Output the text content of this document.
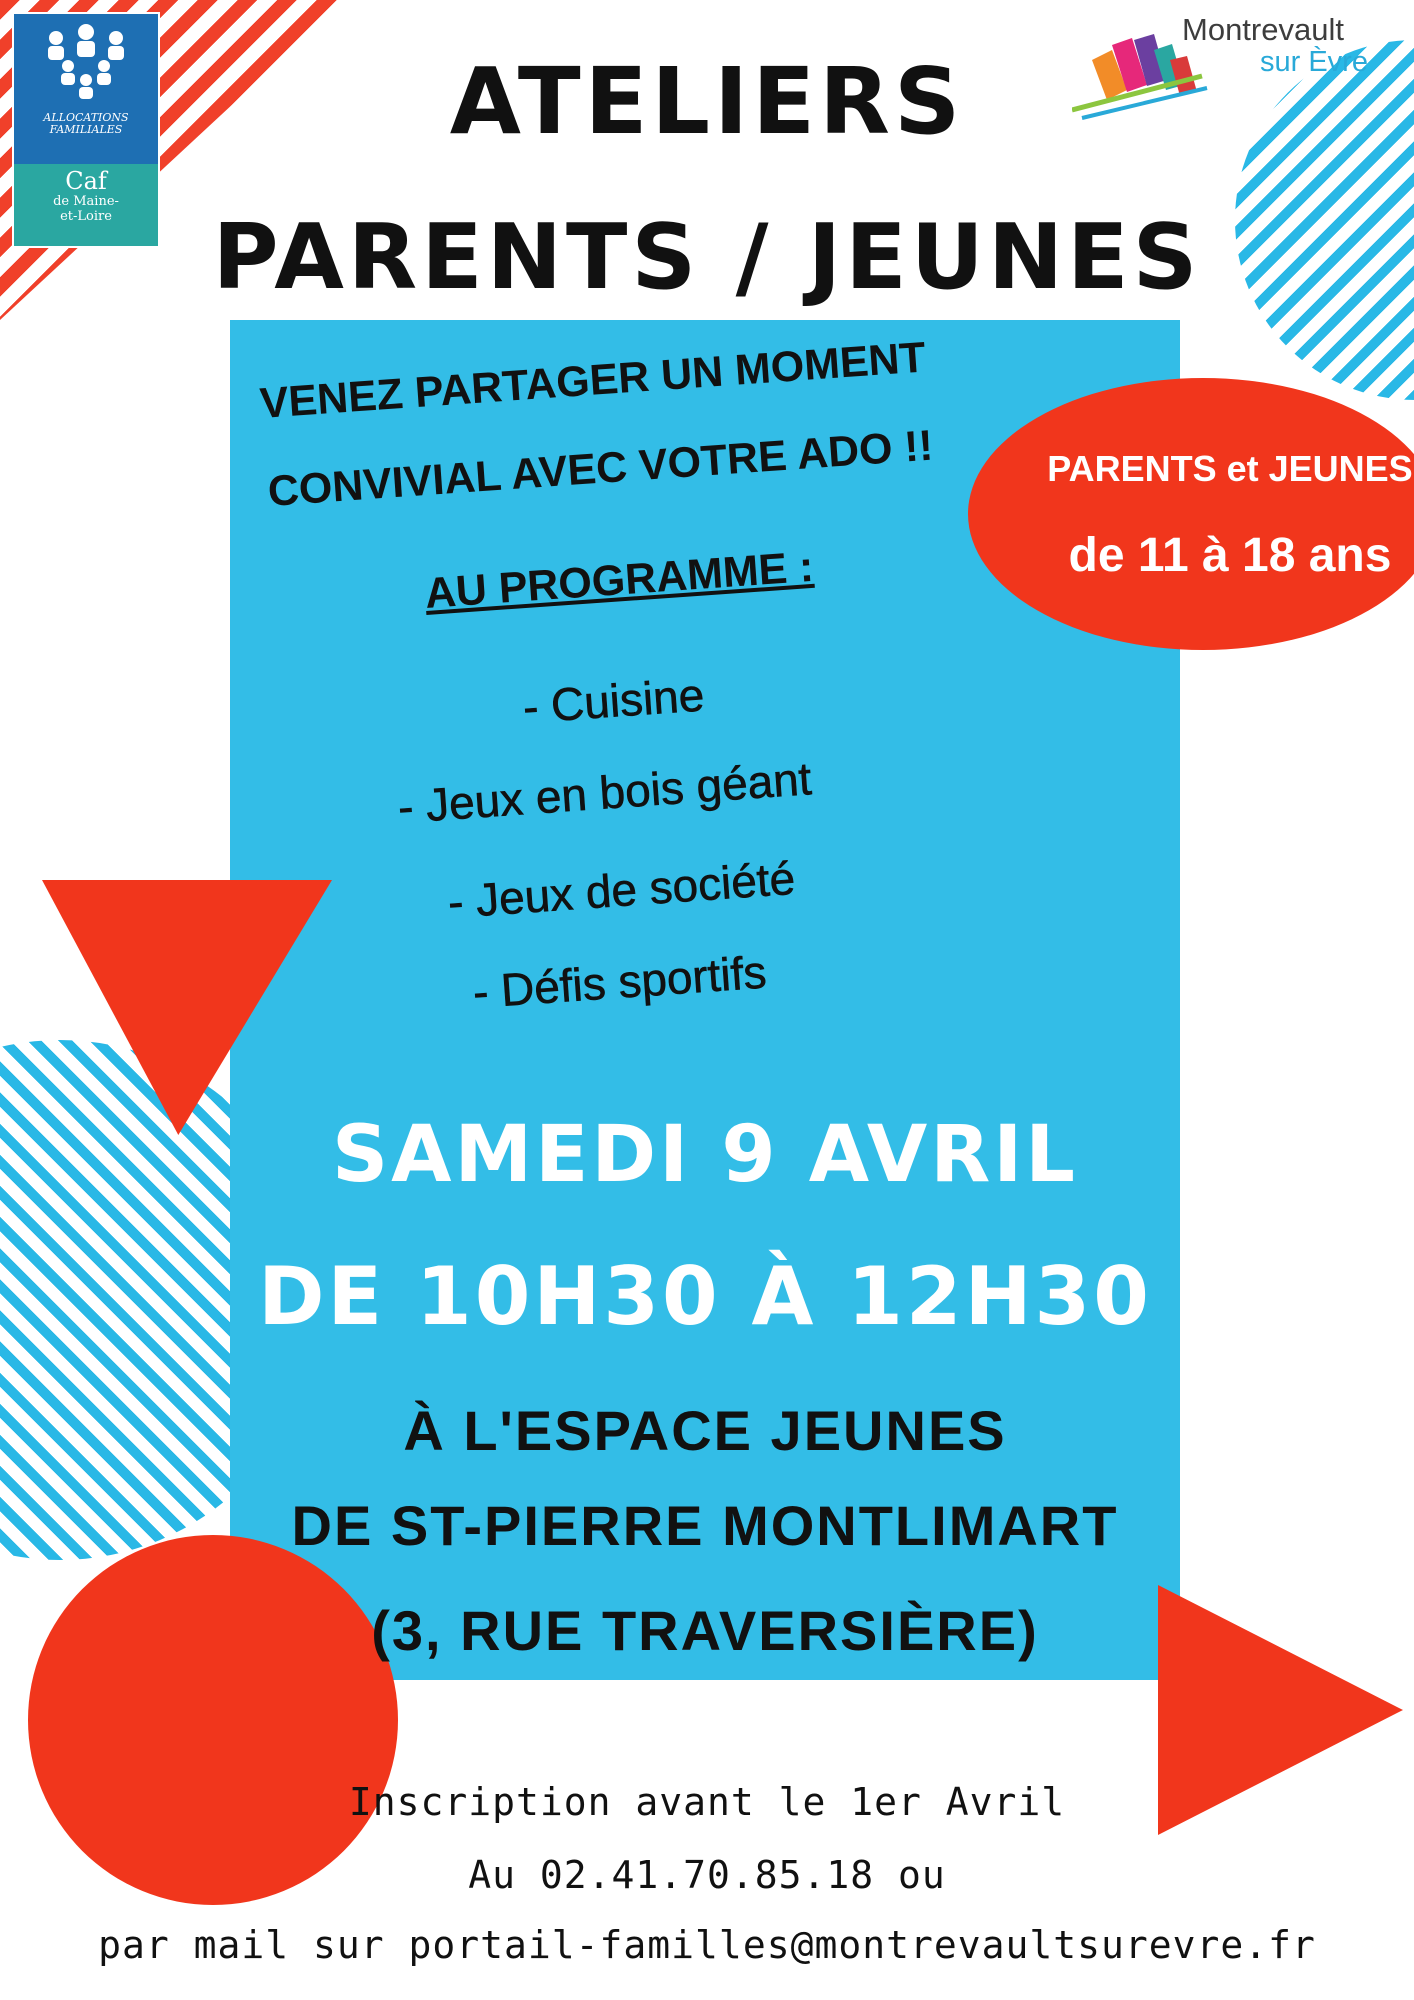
ALLOCATIONS
FAMILIALES
Caf
de Maine-
et-Loire
Montrevault
sur Èvre
ATELIERS
PARENTS / JEUNES
VENEZ PARTAGER UN MOMENT
CONVIVIAL AVEC VOTRE ADO !!
AU PROGRAMME :
- Cuisine
- Jeux en bois géant
- Jeux de société
- Défis sportifs
PARENTS et JEUNES
de 11 à 18 ans
SAMEDI 9 AVRIL
DE 10H30 À 12H30
À L'ESPACE JEUNES
DE ST-PIERRE MONTLIMART
(3, RUE TRAVERSIÈRE)
Inscription avant le 1er Avril
Au 02.41.70.85.18 ou
par mail sur portail-familles@montrevaultsurevre.fr
